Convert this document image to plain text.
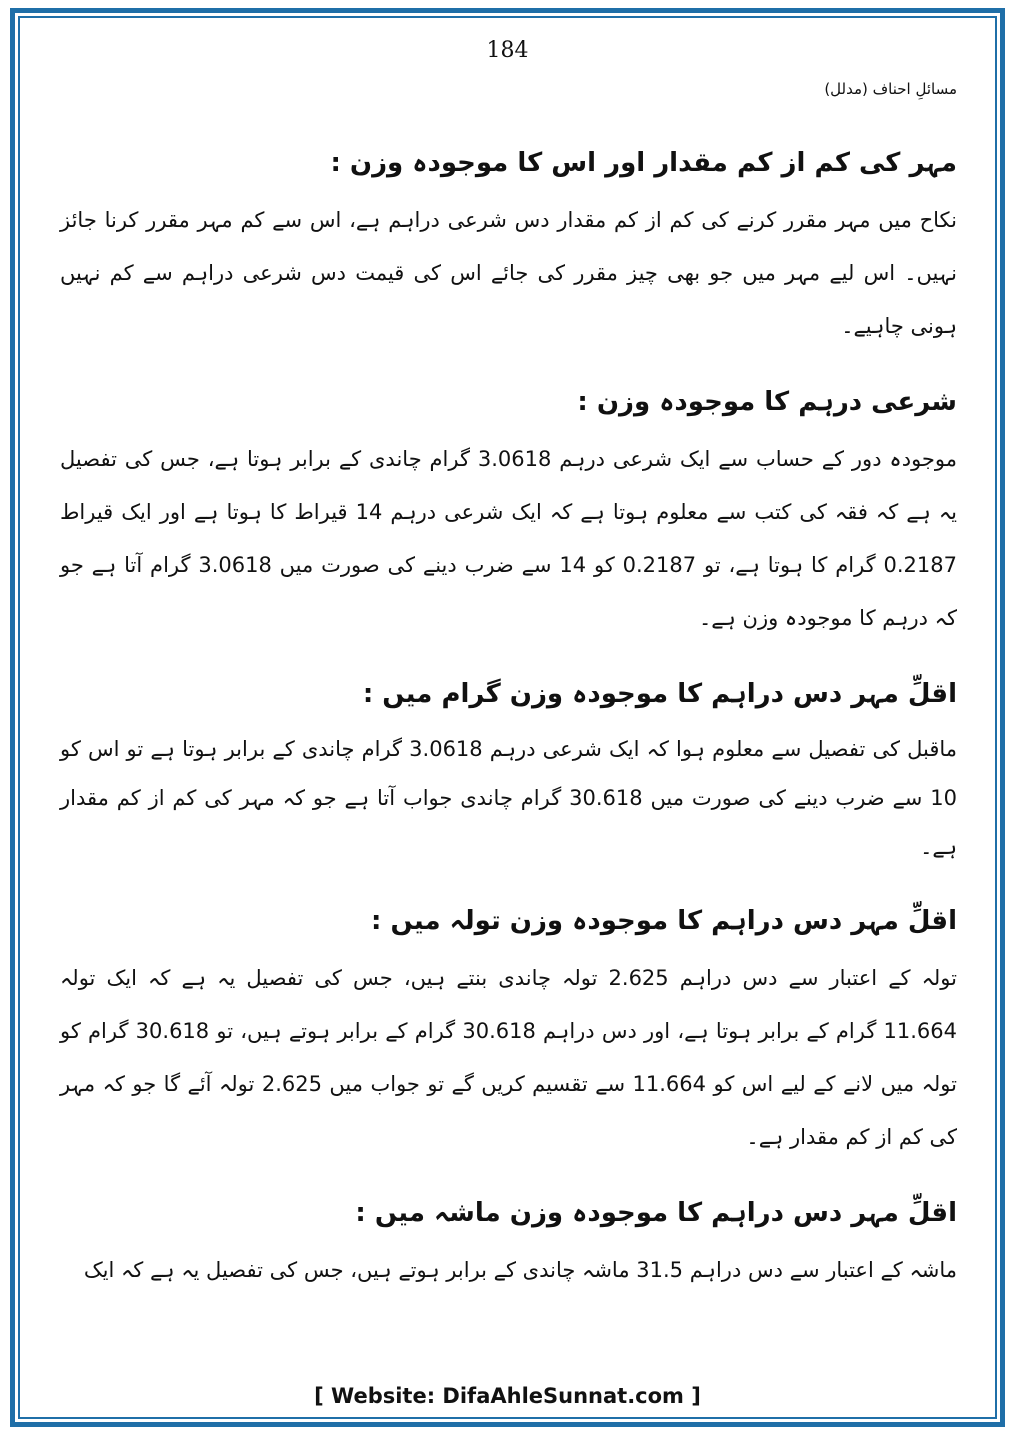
184
مسائلِ احناف (مدلل)
مہر کی کم از کم مقدار اور اس کا موجودہ وزن :

نکاح میں مہر مقرر کرنے کی کم از کم مقدار دس شرعی دراہم ہے، اس سے کم مہر مقرر کرنا جائز نہیں۔ اس لیے مہر میں جو بھی چیز مقرر کی جائے اس کی قیمت دس شرعی دراہم سے کم نہیں ہونی چاہیے۔

شرعی درہم کا موجودہ وزن :

موجودہ دور کے حساب سے ایک شرعی درہم 3.0618 گرام چاندی کے برابر ہوتا ہے، جس کی تفصیل یہ ہے کہ فقہ کی کتب سے معلوم ہوتا ہے کہ ایک شرعی درہم 14 قیراط کا ہوتا ہے اور ایک قیراط 0.2187 گرام کا ہوتا ہے، تو 0.2187 کو 14 سے ضرب دینے کی صورت میں 3.0618 گرام آتا ہے جو کہ درہم کا موجودہ وزن ہے۔

اقلِّ مہر دس دراہم کا موجودہ وزن گرام میں :

ماقبل کی تفصیل سے معلوم ہوا کہ ایک شرعی درہم 3.0618 گرام چاندی کے برابر ہوتا ہے تو اس کو 10 سے ضرب دینے کی صورت میں 30.618 گرام چاندی جواب آتا ہے جو کہ مہر کی کم از کم مقدار ہے۔

اقلِّ مہر دس دراہم کا موجودہ وزن تولہ میں :

تولہ کے اعتبار سے دس دراہم 2.625 تولہ چاندی بنتے ہیں، جس کی تفصیل یہ ہے کہ ایک تولہ 11.664 گرام کے برابر ہوتا ہے، اور دس دراہم 30.618 گرام کے برابر ہوتے ہیں، تو 30.618 گرام کو تولہ میں لانے کے لیے اس کو 11.664 سے تقسیم کریں گے تو جواب میں 2.625 تولہ آئے گا جو کہ مہر کی کم از کم مقدار ہے۔

اقلِّ مہر دس دراہم کا موجودہ وزن ماشہ میں :

ماشہ کے اعتبار سے دس دراہم 31.5 ماشہ چاندی کے برابر ہوتے ہیں، جس کی تفصیل یہ ہے کہ ایک

[ Website: DifaAhleSunnat.com ]
